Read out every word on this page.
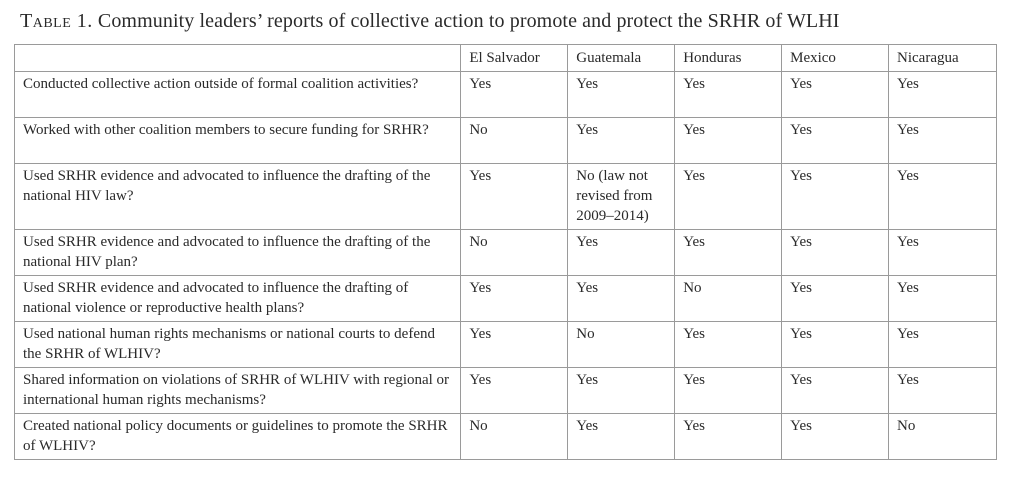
Table 1. Community leaders’ reports of collective action to promote and protect the SRHR of WLHI
	El Salvador	Guatemala	Honduras	Mexico	Nicaragua
Conducted collective action outside of formal coalition activities?	Yes	Yes	Yes	Yes	Yes
Worked with other coalition members to secure funding for SRHR?	No	Yes	Yes	Yes	Yes
Used SRHR evidence and advocated to influence the drafting of the national HIV law?	Yes	No (law not revised from 2009–2014)	Yes	Yes	Yes
Used SRHR evidence and advocated to influence the drafting of the national HIV plan?	No	Yes	Yes	Yes	Yes
Used SRHR evidence and advocated to influence the drafting of national violence or reproductive health plans?	Yes	Yes	No	Yes	Yes
Used national human rights mechanisms or national courts to defend the SRHR of WLHIV?	Yes	No	Yes	Yes	Yes
Shared information on violations of SRHR of WLHIV with regional or international human rights mechanisms?	Yes	Yes	Yes	Yes	Yes
Created national policy documents or guidelines to promote the SRHR of WLHIV?	No	Yes	Yes	Yes	No
